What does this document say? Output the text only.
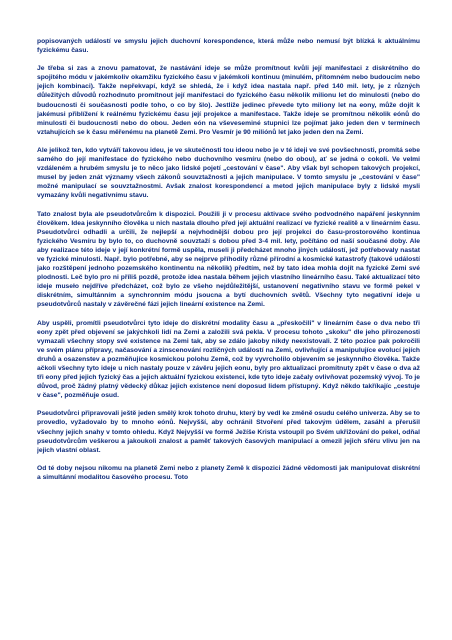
popisovaných událostí ve smyslu jejich duchovní korespondence, která může nebo nemusí být blízká k aktuálnímu fyzickému času.

Je třeba si zas a znovu pamatovat, že nastávání ideje se může promítnout kvůli její manifestaci z diskrétního do spojitého módu v jakémkoliv okamžiku fyzického času v jakémkoli kontinuu (minulém, přítomném nebo budoucím nebo jejich kombinaci). Takže nepřekvapí, když se shledá, že i když idea nastala např. před 140 mil. lety, je z různých důležitých důvodů rozhodnuto promítnout její manifestaci do fyzického času několik milionu let do minulosti (nebo do budoucnosti či současnosti podle toho, o co by šlo). Jestliže jedinec převede tyto miliony let na eony, může dojít k jakémusi přiblížení k reálnému fyzickému času její projekce a manifestace. Takže ideje se promítnou několik eónů do minulosti či budoucnosti nebo do obou. Jeden eón na vševeseminé stupnici lze pojímat jako jeden den v termínech vztahujících se k času měřenému na planetě Zemi. Pro Vesmír je 90 miliónů let jako jeden den na Zemi.

Ale jelikož ten, kdo vytváří takovou ideu, je ve skutečnosti tou ideou nebo je v té ideji ve své povšechnosti, promítá sebe samého do její manifestace do fyzického nebo duchovního vesmíru (nebo do obou), ať se jedná o cokoli. Ve velmi vzdáleném a hrubém smyslu je to něco jako lidské pojetí „cestování v čase". Aby však byl schopen takových projekcí, musel by jeden znát významy všech zákonů souvztažnosti a jejich manipulace. V tomto smyslu je „cestování v čase" možné manipulací se souvztažnostmi. Avšak znalost korespondencí a metod jejich manipulace byly z lidské mysli vymazány kvůli negativnímu stavu.

Tato znalost byla ale pseudotvůrcům k dispozici. Použili ji v procesu aktivace svého podvodného napáření jeskynním člověkem. Idea jeskynního člověka u nich nastala dlouho před její aktuální realizací ve fyzické realitě a v lineárním času. Pseudotvůrci odhadli a určili, že nejlepší a nejvhodnější dobou pro její projekci do času-prostorového kontinua fyzického Vesmíru by bylo to, co duchovně souvztaží s dobou před 3-4 mil. lety, počítáno od naší současné doby. Ale aby realizace této ideje v její konkrétní formě uspěla, museli ji předcházet mnoho jiných událostí, jež potřebovaly nastat ve fyzické minulosti. Např. bylo potřebné, aby se nejprve příhodily různé přírodní a kosmické katastrofy (takové událostí jako rozštěpení jednoho pozemského kontinentu na několik) předtím, než by tato idea mohla dojít na fyzické Zemi své plodnosti. Leč bylo pro ni příliš pozdě, protože idea nastala během jejich vlastního lineárního času. Také aktualizací této ideje museło nejdříve předcházet, což bylo ze všeho nejdůležitější, ustanovení negativního stavu ve formě pekel v diskrétním, simultánním a synchronním módu jsoucna a bytí duchovních světů. Všechny tyto negativní ideje u pseudotvůrců nastaly v závěrečné fázi jejich lineární existence na Zemi.

Aby uspěli, promítli pseudotvůrci tyto ideje do diskrétní modality času a „přeskočili" v lineárním čase o dva nebo tři eony zpět před objevení se jakýchkoli lidí na Zemi a založili svá pekla. V procesu tohoto „skoku" dle jeho přirozenosti vymazali všechny stopy své existence na Zemi tak, aby se zdálo jakoby nikdy neexistovali. Z této pozice pak pokročili ve svém plánu přípravy, načasování a zinscenování rozličných událostí na Zemi, ovlivňující a manipulujíce evolucí jejích druhů a osazenstev a pozměňujíce kosmickou polohu Země, což by vyvrcholilo objevením se jeskynního člověka. Takže ačkoli všechny tyto ideje u nich nastaly pouze v závěru jejich eonu, byly pro aktualizaci promítnuty zpět v čase o dva až tři eony před jejich fyzický čas a jejich aktuální fyzickou existenci, kde tyto ideje začaly ovlivňovat pozemský vývoj. To je důvod, proč žádný platný vědecký důkaz jejich existence není doposud lidem přístupný. Když někdo takříkajíc „cestuje v čase", pozměňuje osud.

Pseudotvůrci připravovali ještě jeden smělý krok tohoto druhu, který by vedl ke změně osudu celého univerza. Aby se to provedlo, vyžadovalo by to mnoho eónů. Nejvyšší, aby ochránil Stvoření před takovým údělem, zasáhl a přerušil všechny jejich snahy v tomto ohledu. Když Nejvyšší ve formě Ježíše Krista vstoupil po Svém ukřižování do pekel, odňal pseudotvůrcům veškerou a jakoukoli znalost a paměť takových časových manipulací a omezil jejich sféru vlivu jen na jejich vlastní oblast.

Od té doby nejsou nikomu na planetě Zemi nebo z planety Země k dispozici žádné vědomosti jak manipulovat diskrétní a simultánní modalitou časového procesu. Toto
